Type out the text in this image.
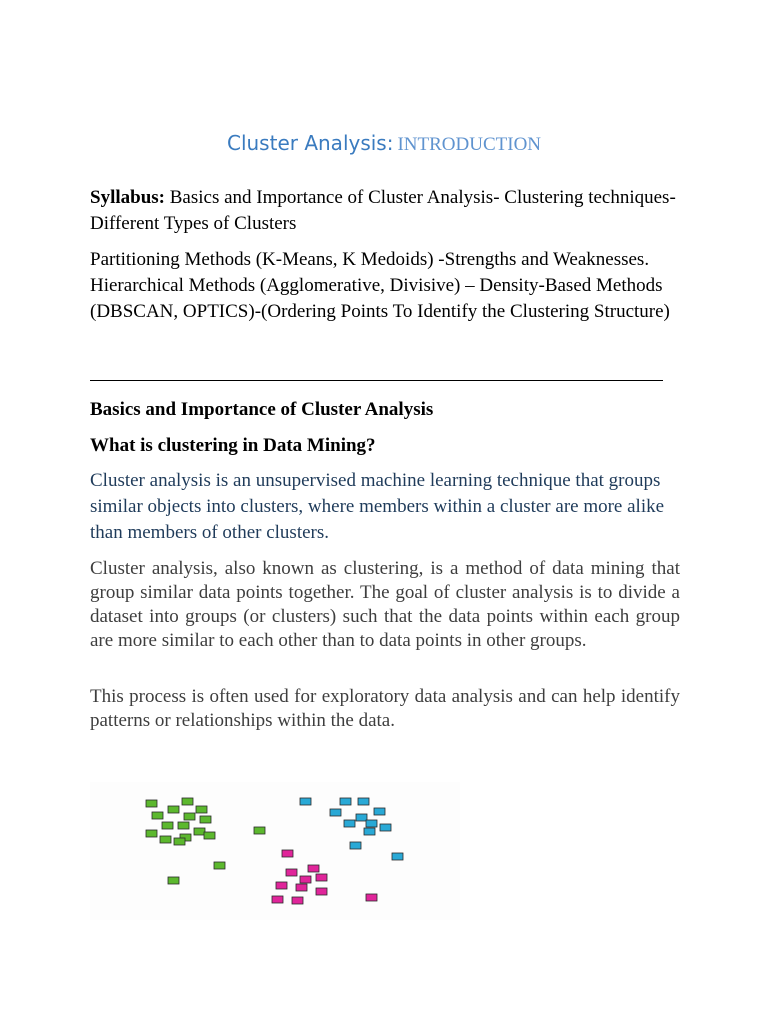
Cluster Analysis: INTRODUCTION
Syllabus: Basics and Importance of Cluster Analysis- Clustering techniques- Different Types of Clusters
Partitioning Methods (K-Means, K Medoids) -Strengths and Weaknesses. Hierarchical Methods (Agglomerative, Divisive) – Density-Based Methods (DBSCAN, OPTICS)-(Ordering Points To Identify the Clustering Structure)
Basics and Importance of Cluster Analysis
What is clustering in Data Mining?
Cluster analysis is an unsupervised machine learning technique that groups similar objects into clusters, where members within a cluster are more alike than members of other clusters.
Cluster analysis, also known as clustering, is a method of data mining that group similar data points together. The goal of cluster analysis is to divide a dataset into groups (or clusters) such that the data points within each group are more similar to each other than to data points in other groups.
This process is often used for exploratory data analysis and can help identify patterns or relationships within the data.
